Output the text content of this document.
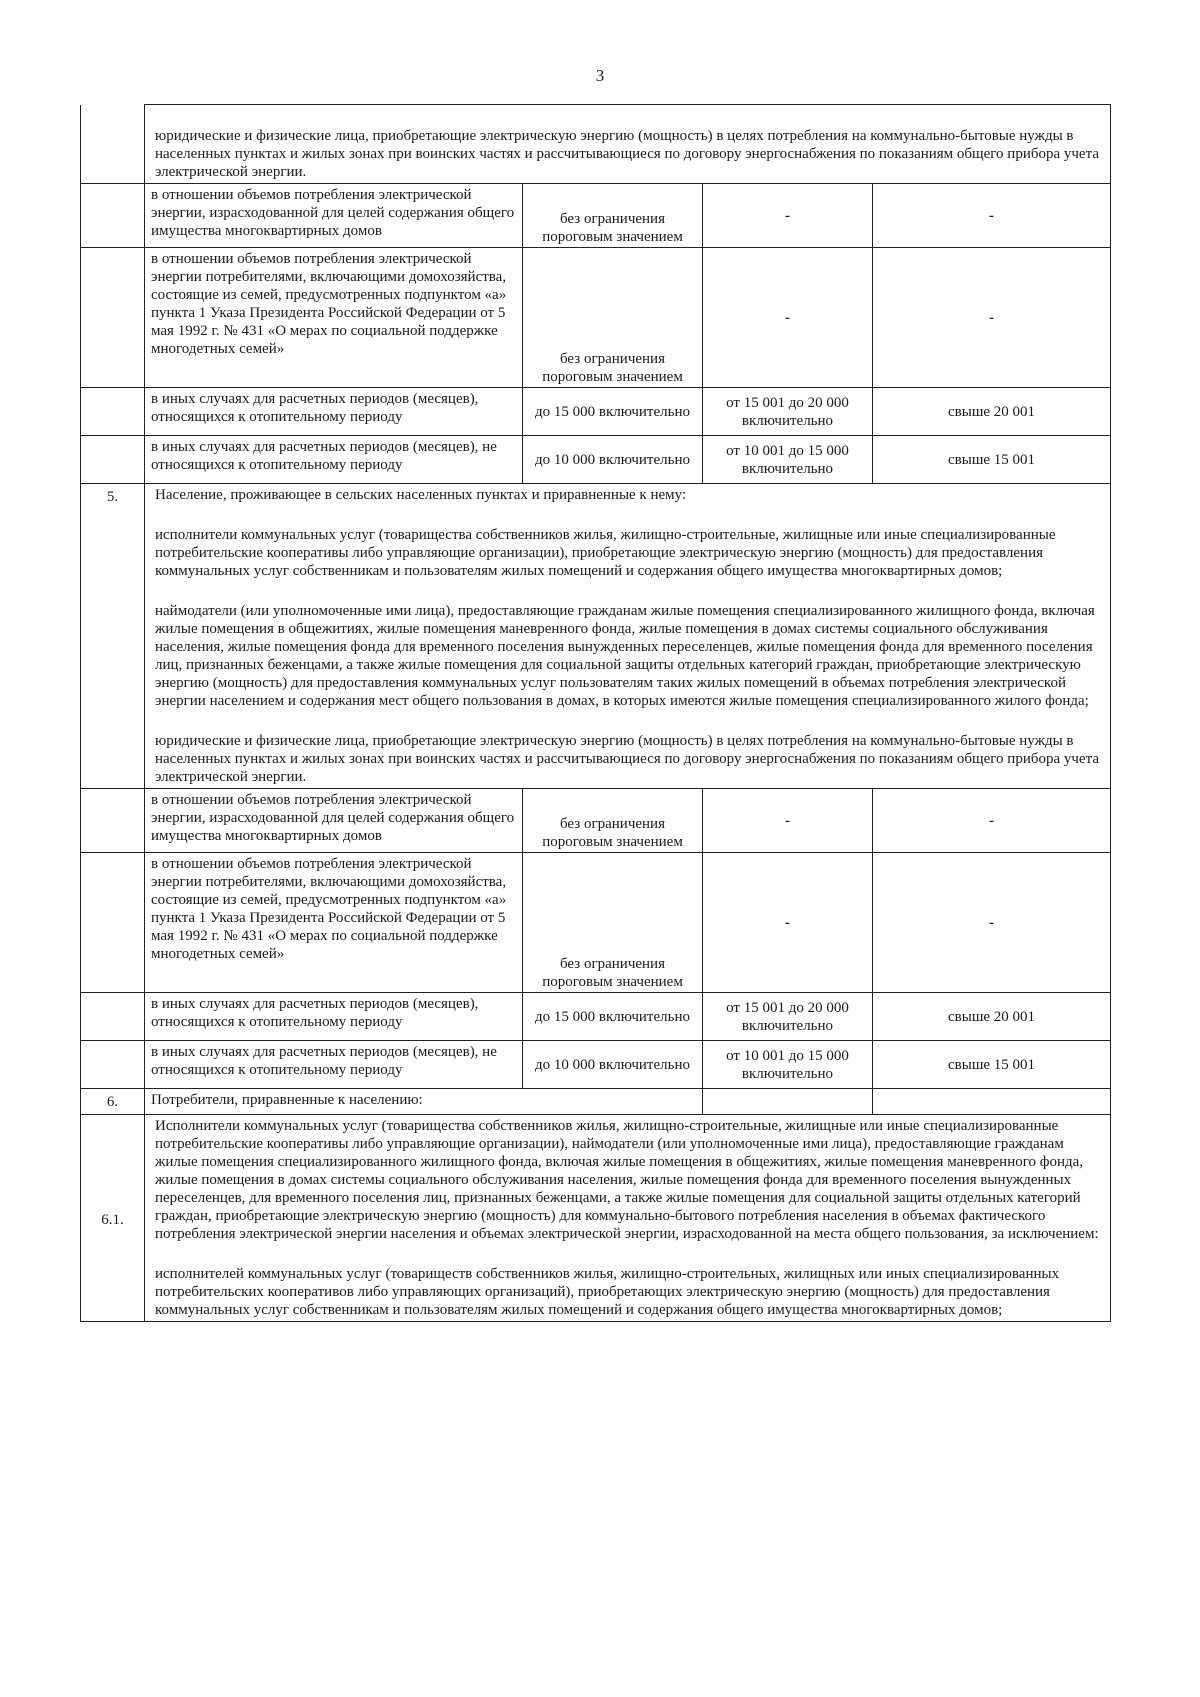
3
	юридические и физические лица, приобретающие электрическую энергию (мощность) в целях потребления на коммунально-бытовые нужды в населенных пунктах и жилых зонах при воинских частях и рассчитывающиеся по договору энергоснабжения по показаниям общего прибора учета электрической энергии.			
	в отношении объемов потребления электрической энергии, израсходованной для целей содержания общего имущества многоквартирных домов	без ограничения пороговым значением	-	-
	в отношении объемов потребления электрической энергии потребителями, включающими домохозяйства, состоящие из семей, предусмотренных подпунктом «а» пункта 1 Указа Президента Российской Федерации от 5 мая 1992 г. № 431 «О мерах по социальной поддержке многодетных семей»	без ограничения пороговым значением	-	-
	в иных случаях для расчетных периодов (месяцев), относящихся к отопительному периоду	до 15 000 включительно	от 15 001 до 20 000 включительно	свыше 20 001
	в иных случаях для расчетных периодов (месяцев), не относящихся к отопительному периоду	до 10 000 включительно	от 10 001 до 15 000 включительно	свыше 15 001
5.	Население, проживающее в сельских населенных пунктах и приравненные к нему:

исполнители коммунальных услуг (товарищества собственников жилья, жилищно-строительные, жилищные или иные специализированные потребительские кооперативы либо управляющие организации), приобретающие электрическую энергию (мощность) для предоставления коммунальных услуг собственникам и пользователям жилых помещений и содержания общего имущества многоквартирных домов;

наймодатели (или уполномоченные ими лица), предоставляющие гражданам жилые помещения специализированного жилищного фонда, включая жилые помещения в общежитиях, жилые помещения маневренного фонда, жилые помещения в домах системы социального обслуживания населения, жилые помещения фонда для временного поселения вынужденных переселенцев, жилые помещения фонда для временного поселения лиц, признанных беженцами, а также жилые помещения для социальной защиты отдельных категорий граждан, приобретающие электрическую энергию (мощность) для предоставления коммунальных услуг пользователям таких жилых помещений в объемах потребления электрической энергии населением и содержания мест общего пользования в домах, в которых имеются жилые помещения специализированного жилого фонда;

юридические и физические лица, приобретающие электрическую энергию (мощность) в целях потребления на коммунально-бытовые нужды в населенных пунктах и жилых зонах при воинских частях и рассчитывающиеся по договору энергоснабжения по показаниям общего прибора учета электрической энергии.			

	в отношении объемов потребления электрической энергии, израсходованной для целей содержания общего имущества многоквартирных домов	без ограничения пороговым значением	-	-
	в отношении объемов потребления электрической энергии потребителями, включающими домохозяйства, состоящие из семей, предусмотренных подпунктом «а» пункта 1 Указа Президента Российской Федерации от 5 мая 1992 г. № 431 «О мерах по социальной поддержке многодетных семей»	без ограничения пороговым значением	-	-
	в иных случаях для расчетных периодов (месяцев), относящихся к отопительному периоду	до 15 000 включительно	от 15 001 до 20 000 включительно	свыше 20 001
	в иных случаях для расчетных периодов (месяцев), не относящихся к отопительному периоду	до 10 000 включительно	от 10 001 до 15 000 включительно	свыше 15 001
6.	Потребители, приравненные к населению:			
6.1.	Исполнители коммунальных услуг (товарищества собственников жилья, жилищно-строительные, жилищные или иные специализированные потребительские кооперативы либо управляющие организации), наймодатели (или уполномоченные ими лица), предоставляющие гражданам жилые помещения специализированного жилищного фонда, включая жилые помещения в общежитиях, жилые помещения маневренного фонда, жилые помещения в домах системы социального обслуживания населения, жилые помещения фонда для временного поселения вынужденных переселенцев, для временного поселения лиц, признанных беженцами, а также жилые помещения для социальной защиты отдельных категорий граждан, приобретающие электрическую энергию (мощность) для коммунально-бытового потребления населения в объемах фактического потребления электрической энергии населения и объемах электрической энергии, израсходованной на места общего пользования, за исключением:

исполнителей коммунальных услуг (товариществ собственников жилья, жилищно-строительных, жилищных или иных специализированных потребительских кооперативов либо управляющих организаций), приобретающих электрическую энергию (мощность) для предоставления коммунальных услуг собственникам и пользователям жилых помещений и содержания общего имущества многоквартирных домов;			
